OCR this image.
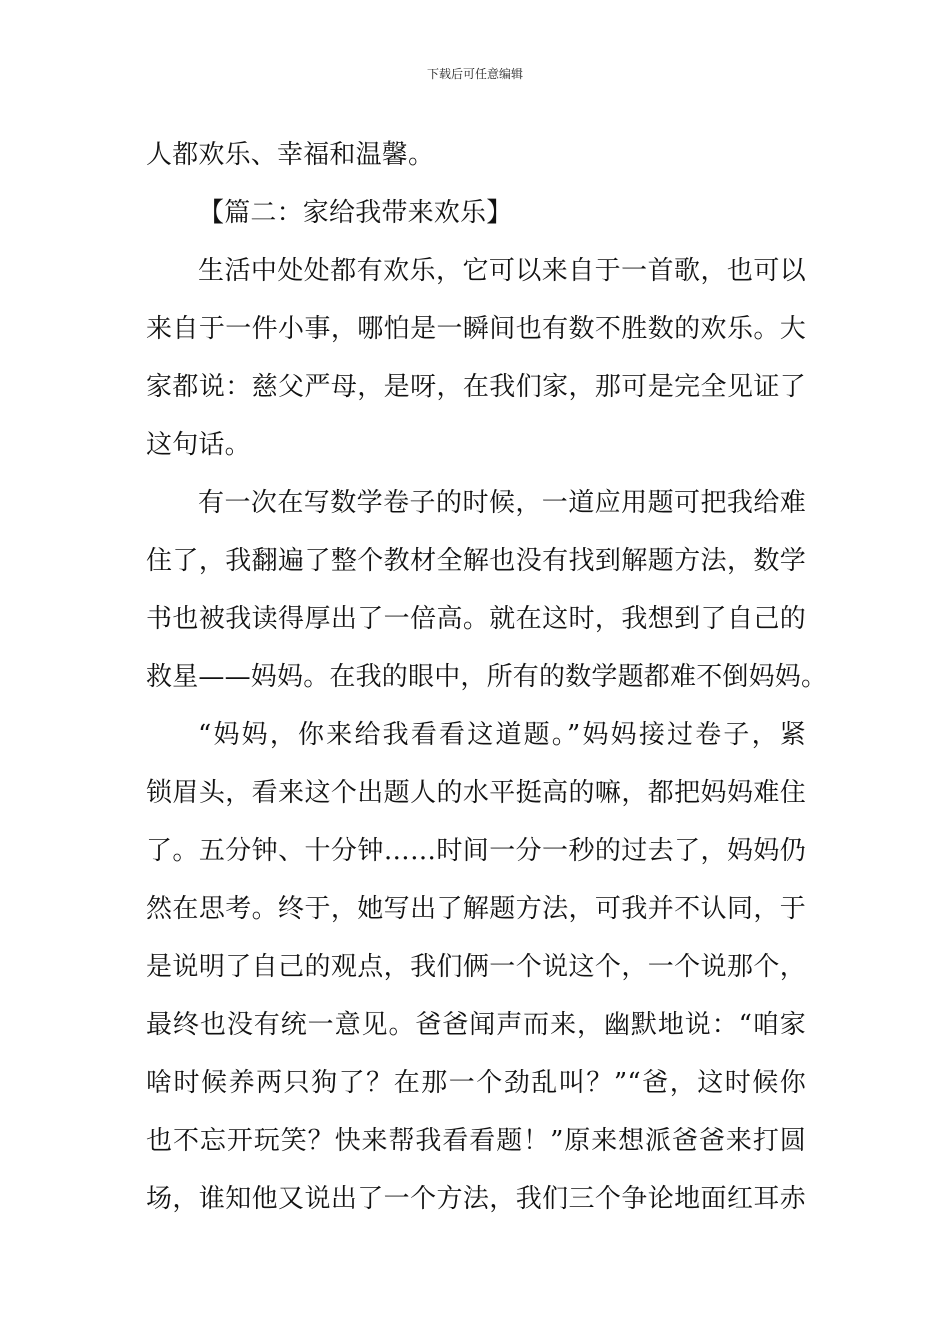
下载后可任意编辑
人都欢乐、幸福和温馨。
【篇二：家给我带来欢乐】
生活中处处都有欢乐，它可以来自于一首歌，也可以
来自于一件小事，哪怕是一瞬间也有数不胜数的欢乐。大
家都说：慈父严母，是呀，在我们家，那可是完全见证了
这句话。
有一次在写数学卷子的时候，一道应用题可把我给难
住了，我翻遍了整个教材全解也没有找到解题方法，数学
书也被我读得厚出了一倍高。就在这时，我想到了自己的
救星——妈妈。在我的眼中，所有的数学题都难不倒妈妈。
“妈妈，你来给我看看这道题。”妈妈接过卷子，紧
锁眉头，看来这个出题人的水平挺高的嘛，都把妈妈难住
了。五分钟、十分钟……时间一分一秒的过去了，妈妈仍
然在思考。终于，她写出了解题方法，可我并不认同，于
是说明了自己的观点，我们俩一个说这个，一个说那个，
最终也没有统一意见。爸爸闻声而来，幽默地说：“咱家
啥时候养两只狗了？在那一个劲乱叫？”“爸，这时候你
也不忘开玩笑？快来帮我看看题！”原来想派爸爸来打圆
场，谁知他又说出了一个方法，我们三个争论地面红耳赤
